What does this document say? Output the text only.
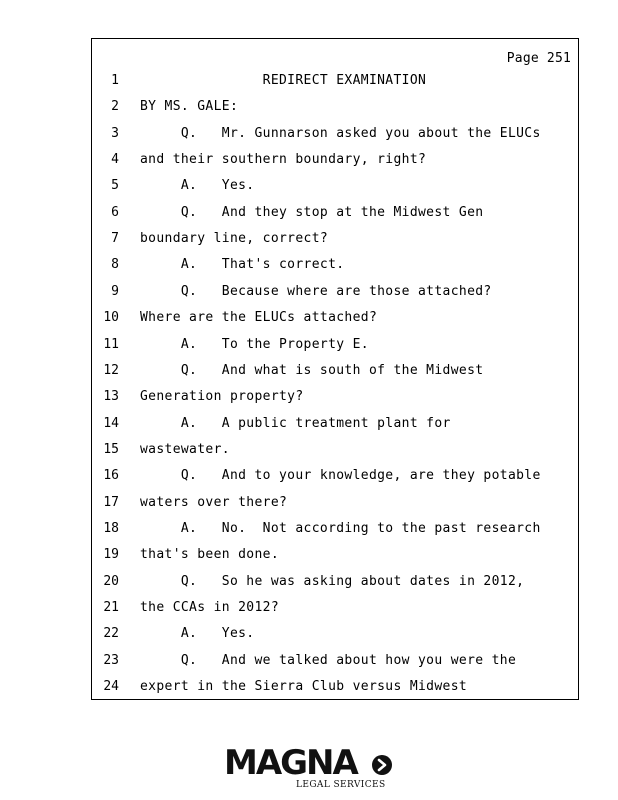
Page 251
1 REDIRECT EXAMINATION
2 BY MS. GALE:
3 Q.   Mr. Gunnarson asked you about the ELUCs
4 and their southern boundary, right?
5 A.   Yes.
6 Q.   And they stop at the Midwest Gen
7 boundary line, correct?
8 A.   That's correct.
9 Q.   Because where are those attached?
10 Where are the ELUCs attached?
11 A.   To the Property E.
12 Q.   And what is south of the Midwest
13 Generation property?
14 A.   A public treatment plant for
15 wastewater.
16 Q.   And to your knowledge, are they potable
17 waters over there?
18 A.   No.  Not according to the past research
19 that's been done.
20 Q.   So he was asking about dates in 2012,
21 the CCAs in 2012?
22 A.   Yes.
23 Q.   And we talked about how you were the
24 expert in the Sierra Club versus Midwest
MAGNA
LEGAL SERVICES
